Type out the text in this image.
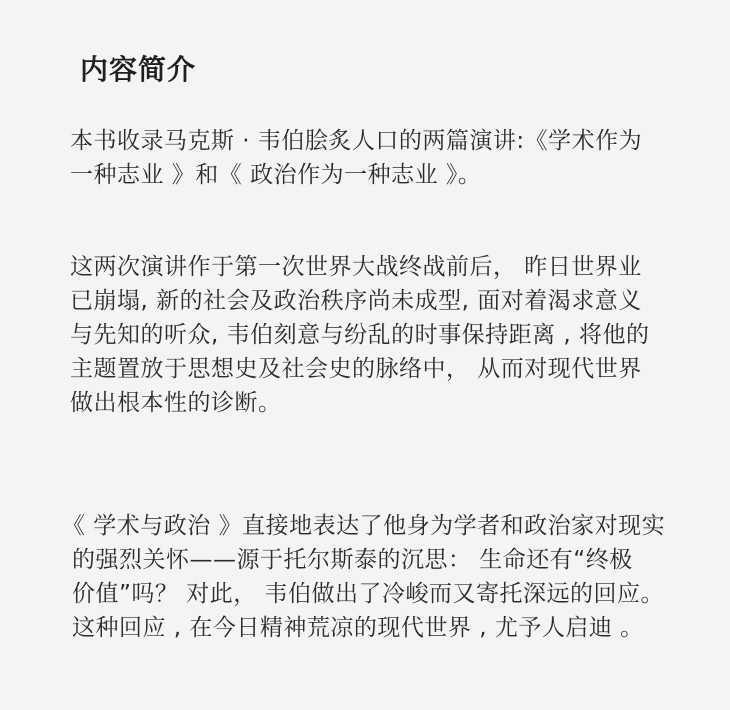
内容简介
本书收录马克斯 · 韦伯脍炙人口的两篇演讲:《学术作为
一种志业 》和《 政治作为一种志业 》。
这两次演讲作于第一次世界大战终战前后， 昨日世界业
已崩塌, 新的社会及政治秩序尚未成型, 面对着渴求意义
与先知的听众, 韦伯刻意与纷乱的时事保持距离 , 将他的
主题置放于思想史及社会史的脉络中， 从而对现代世界
做出根本性的诊断。
《 学术与政治 》直接地表达了他身为学者和政治家对现实
的强烈关怀——源于托尔斯泰的沉思： 生命还有“终极
价值”吗？ 对此， 韦伯做出了冷峻而又寄托深远的回应。
这种回应 , 在今日精神荒凉的现代世界 , 尤予人启迪 。
